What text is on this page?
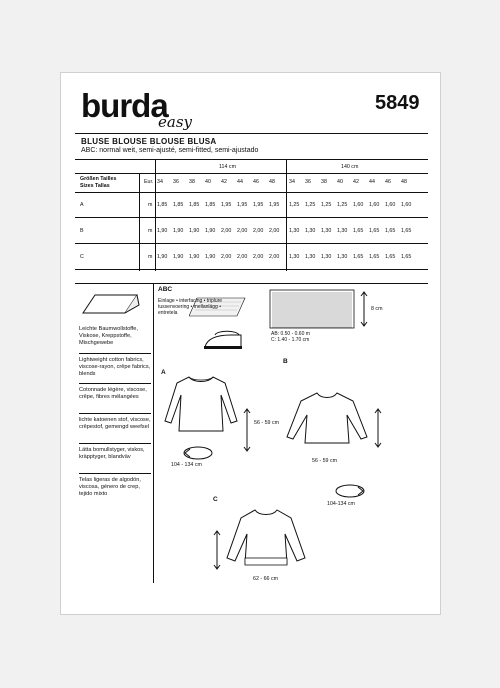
burda
easy
5849
BLUSE BLOUSE BLOUSE BLUSA
ABC: normal weit, semi-ajusté, semi-fitted, semi-ajustado
114 cm	140 cm
Größen Tailles
Sizes Tallas
Eur. 34 36 38 40 42 44 46 48	34 36 38 40 42 44 46 48
A	m 1,85 1,85 1,85 1,85 1,95 1,95 1,95 1,95 1,25 1,25 1,25 1,25 1,60 1,60 1,60 1,60
B	m 1,90 1,90 1,90 1,90 2,00 2,00 2,00 2,00 1,30 1,30 1,30 1,30 1,65 1,65 1,65 1,65
C	m 1,90 1,90 1,90 1,90 2,00 2,00 2,00 2,00 1,30 1,30 1,30 1,30 1,65 1,65 1,65 1,65
Leichte Baumwollstoffe, Viskose, Kreppstoffe, Mischgewebe
Lightweight cotton fabrics, viscose-rayon, crêpe fabrics, blends
Cotonnade légère, viscose, crêpe, fibres mélangées
lichte katoenen stof, viscose, crêpestof, gemengd weefsel
Lätta bomullstyger, viskos, kräpptyger, blandväv
Telas ligeras de algodón, viscosa, género de crep, tejido mixto
ABC
Einlage • interfacing • triplure
tussenvoering • mellanlägg •
entretela
8 cm
AB: 0.50 - 0.60 m
C: 1.40 - 1.70 cm
A
56 - 59 cm
104 - 134 cm
B
56 - 59 cm
104-134 cm
C
62 - 66 cm
